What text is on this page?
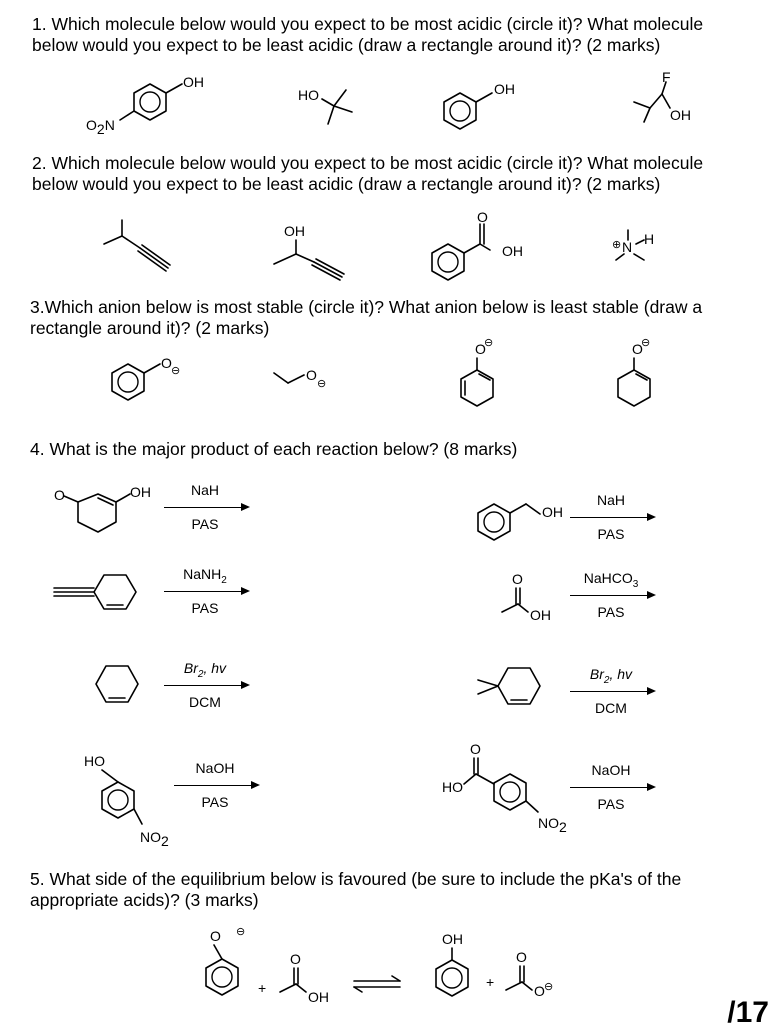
1. Which molecule below would you expect to be most acidic (circle it)? What molecule below would you expect to be least acidic (draw a rectangle around it)? (2 marks)

2. Which molecule below would you expect to be most acidic (circle it)? What molecule below would you expect to be least acidic (draw a rectangle around it)? (2 marks)

3.Which anion below is most stable (circle it)? What anion below is least stable (draw a rectangle around it)? (2 marks)

4. What is the major product of each reaction below? (8 marks)

5. What side of the equilibrium below is favoured (be sure to include the pKa's of the appropriate acids)? (3 marks)

OH
O2N
HO	OH
F
OH
OH
O
OH	⊕ N H
O ⊖	O
⊖
O
⊖	O
⊖
O	OH	NaH
PAS
OH
NaH
PAS
NaNH$_2$
PAS
O
OH
NaHCO$_3$
PAS
$Br_2$, hv
DCM
$Br_2$, hv
DCM
HO
NO2
NaOH
PAS
O
HO
NO2
NaOH
PAS
O ⊖
+
O
OH
OH
+
O
O ⊖
/17
